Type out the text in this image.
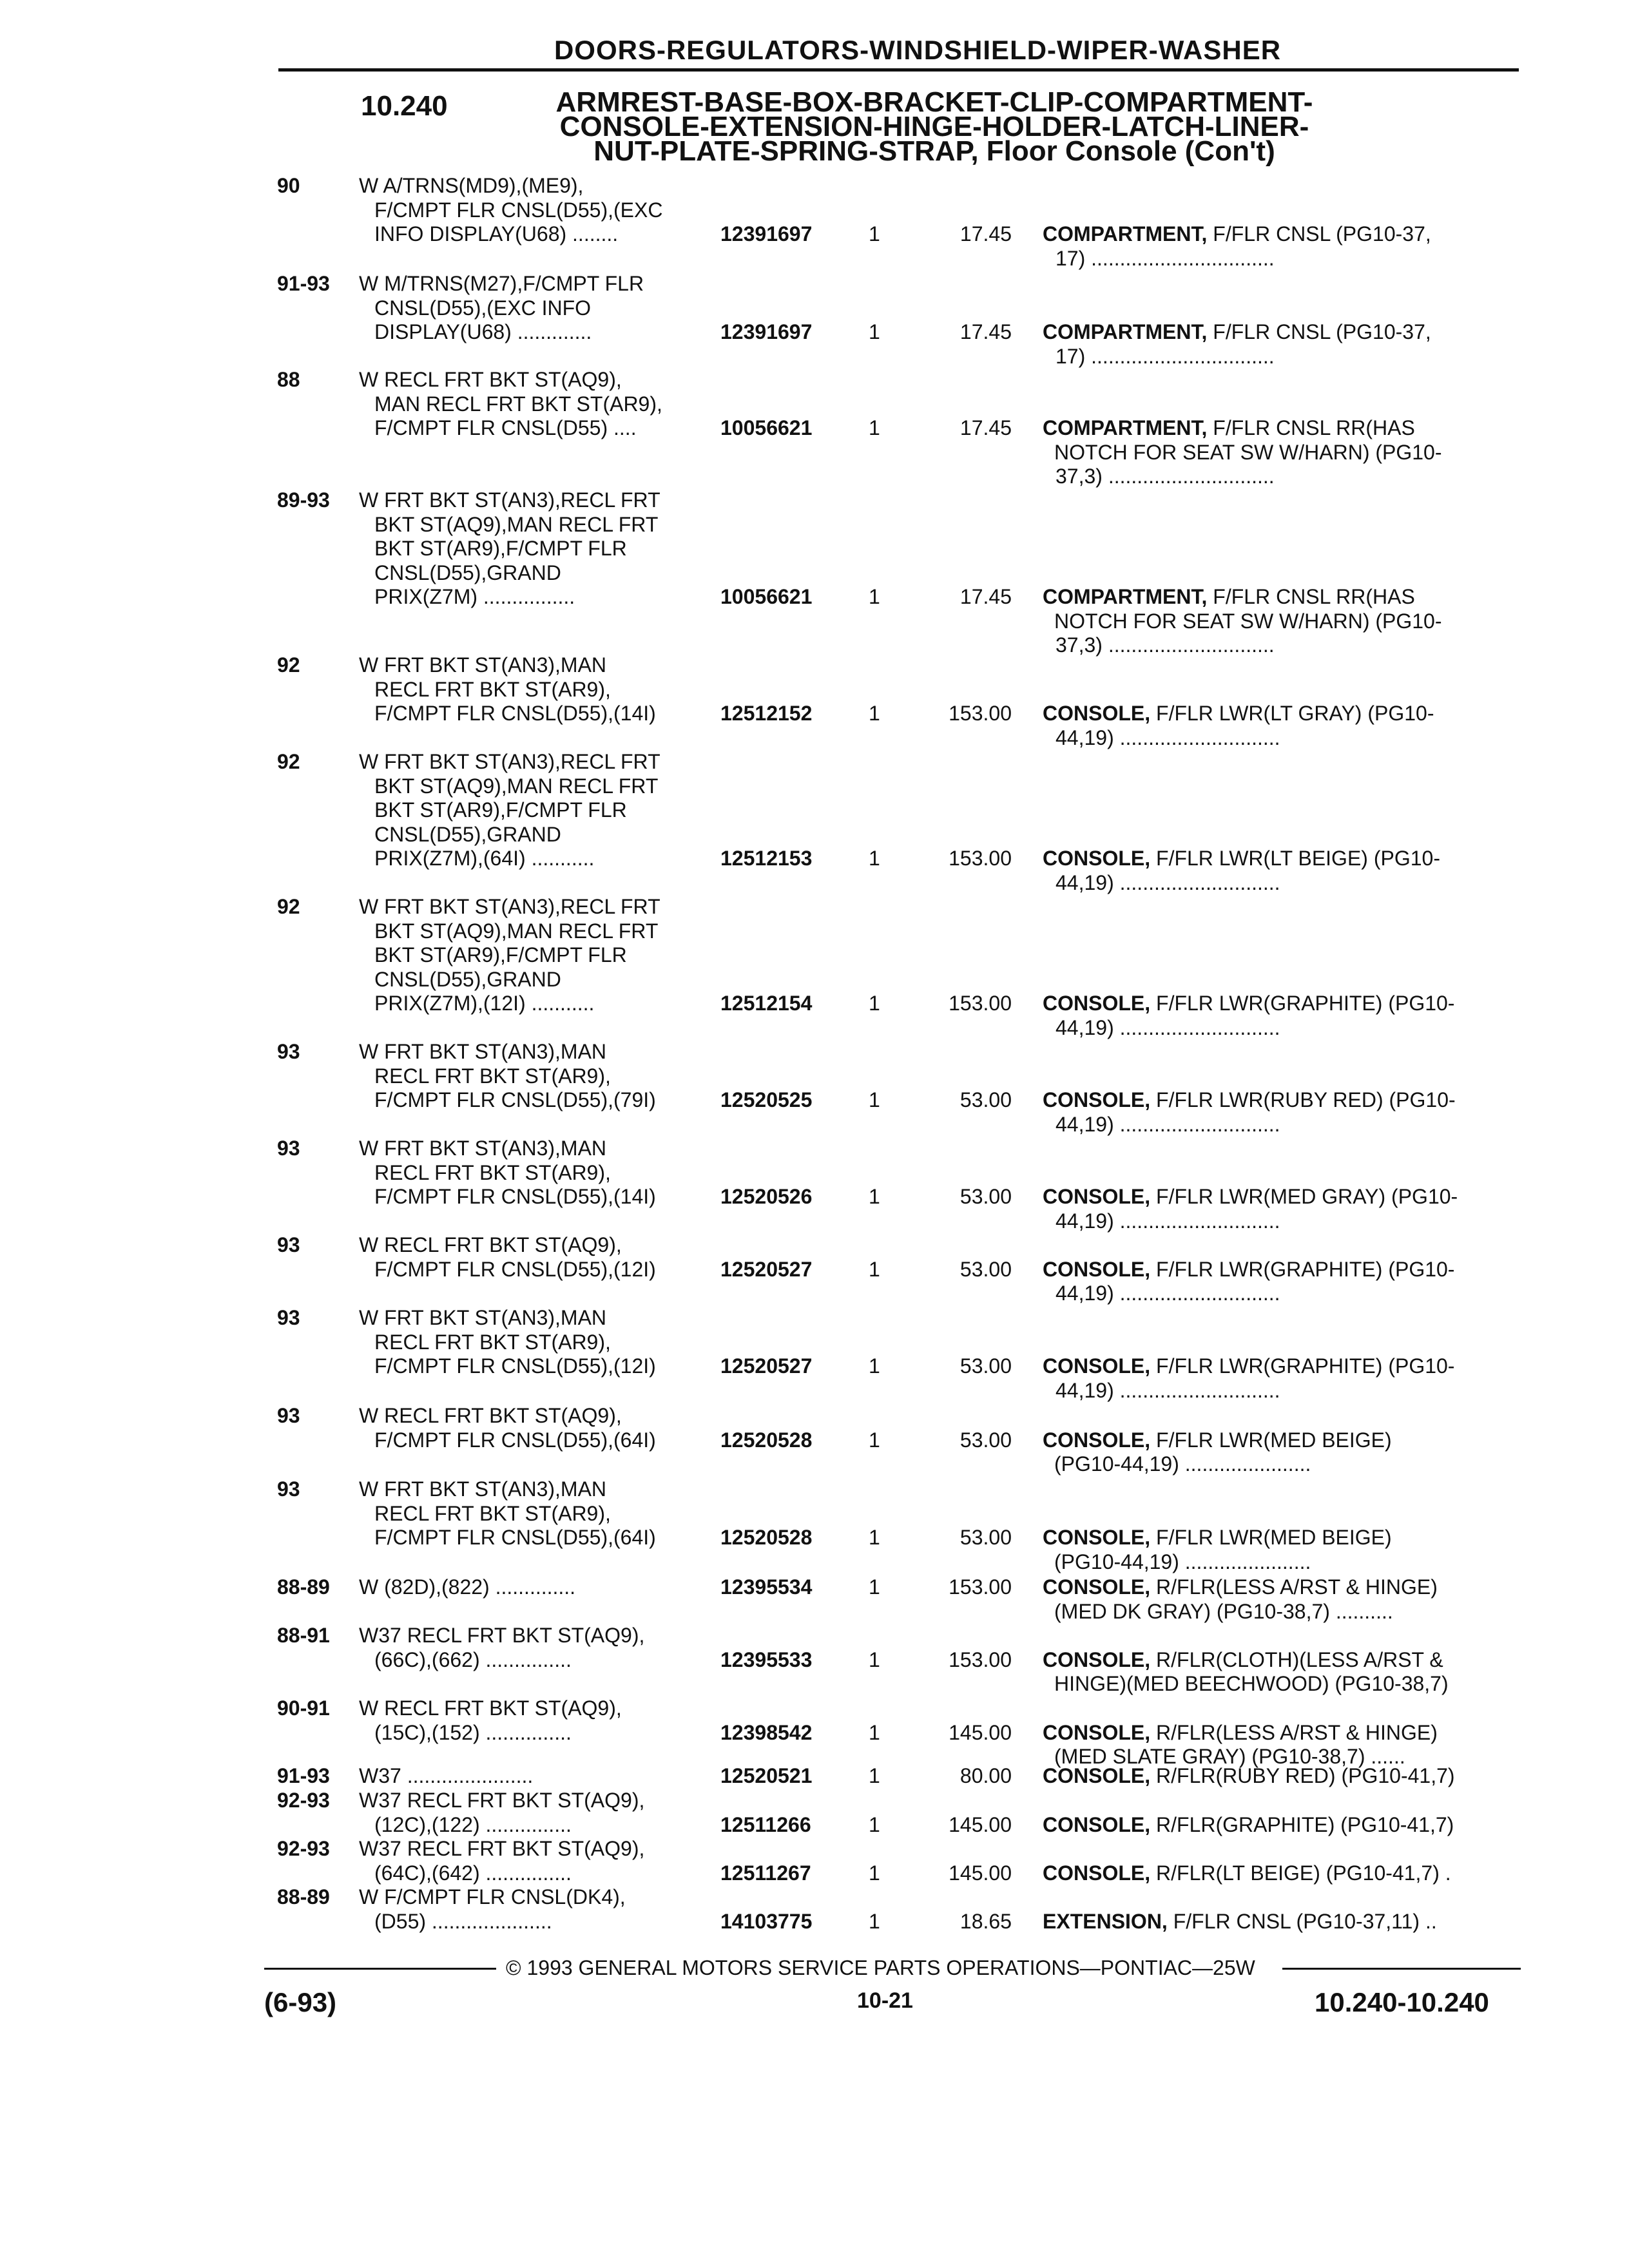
DOORS-REGULATORS-WINDSHIELD-WIPER-WASHER
10.240	ARMREST-BASE-BOX-BRACKET-CLIP-COMPARTMENT-
CONSOLE-EXTENSION-HINGE-HOLDER-LATCH-LINER-
NUT-PLATE-SPRING-STRAP, Floor Console (Con't)
90	W A/TRNS(MD9),(ME9),
F/CMPT FLR CNSL(D55),(EXC
INFO DISPLAY(U68) ........	12391697	1	17.45 COMPARTMENT, F/FLR CNSL (PG10-37,
17) ................................
91-93 W M/TRNS(M27),F/CMPT FLR
CNSL(D55),(EXC INFO
DISPLAY(U68) .............	12391697	1	17.45 COMPARTMENT, F/FLR CNSL (PG10-37,
17) ................................
88	W RECL FRT BKT ST(AQ9),
MAN RECL FRT BKT ST(AR9),
F/CMPT FLR CNSL(D55) ....	10056621	1	17.45 COMPARTMENT, F/FLR CNSL RR(HAS
NOTCH FOR SEAT SW W/HARN) (PG10-
37,3) .............................
89-93 W FRT BKT ST(AN3),RECL FRT
BKT ST(AQ9),MAN RECL FRT
BKT ST(AR9),F/CMPT FLR
CNSL(D55),GRAND
PRIX(Z7M) ................	10056621	1	17.45 COMPARTMENT, F/FLR CNSL RR(HAS
NOTCH FOR SEAT SW W/HARN) (PG10-
37,3) .............................
92	W FRT BKT ST(AN3),MAN
RECL FRT BKT ST(AR9),
F/CMPT FLR CNSL(D55),(14I)	12512152	1	153.00 CONSOLE, F/FLR LWR(LT GRAY) (PG10-
44,19) ............................
92	W FRT BKT ST(AN3),RECL FRT
BKT ST(AQ9),MAN RECL FRT
BKT ST(AR9),F/CMPT FLR
CNSL(D55),GRAND
PRIX(Z7M),(64I) ...........	12512153	1	153.00 CONSOLE, F/FLR LWR(LT BEIGE) (PG10-
44,19) ............................
92	W FRT BKT ST(AN3),RECL FRT
BKT ST(AQ9),MAN RECL FRT
BKT ST(AR9),F/CMPT FLR
CNSL(D55),GRAND
PRIX(Z7M),(12I) ...........	12512154	1	153.00 CONSOLE, F/FLR LWR(GRAPHITE) (PG10-
44,19) ............................
93	W FRT BKT ST(AN3),MAN
RECL FRT BKT ST(AR9),
F/CMPT FLR CNSL(D55),(79I)	12520525	1	53.00 CONSOLE, F/FLR LWR(RUBY RED) (PG10-
44,19) ............................
93	W FRT BKT ST(AN3),MAN
RECL FRT BKT ST(AR9),
F/CMPT FLR CNSL(D55),(14I)	12520526	1	53.00 CONSOLE, F/FLR LWR(MED GRAY) (PG10-
44,19) ............................
93	W RECL FRT BKT ST(AQ9),
F/CMPT FLR CNSL(D55),(12I)	12520527	1	53.00 CONSOLE, F/FLR LWR(GRAPHITE) (PG10-
44,19) ............................
93	W FRT BKT ST(AN3),MAN
RECL FRT BKT ST(AR9),
F/CMPT FLR CNSL(D55),(12I)	12520527	1	53.00 CONSOLE, F/FLR LWR(GRAPHITE) (PG10-
44,19) ............................
93	W RECL FRT BKT ST(AQ9),
F/CMPT FLR CNSL(D55),(64I)	12520528	1	53.00 CONSOLE, F/FLR LWR(MED BEIGE)
(PG10-44,19) ......................
93	W FRT BKT ST(AN3),MAN
RECL FRT BKT ST(AR9),
F/CMPT FLR CNSL(D55),(64I)	12520528	1	53.00 CONSOLE, F/FLR LWR(MED BEIGE)
(PG10-44,19) ......................
88-89 W (82D),(822) ..............	12395534	1	153.00 CONSOLE, R/FLR(LESS A/RST & HINGE)
(MED DK GRAY) (PG10-38,7) ..........
88-91 W37 RECL FRT BKT ST(AQ9),
(66C),(662) ...............	12395533	1	153.00 CONSOLE, R/FLR(CLOTH)(LESS A/RST &
HINGE)(MED BEECHWOOD) (PG10-38,7)
90-91 W RECL FRT BKT ST(AQ9),
(15C),(152) ...............	12398542	1	145.00 CONSOLE, R/FLR(LESS A/RST & HINGE)
(MED SLATE GRAY) (PG10-38,7) ......
91-93 W37 ......................	12520521	1	80.00 CONSOLE, R/FLR(RUBY RED) (PG10-41,7)
92-93 W37 RECL FRT BKT ST(AQ9),
(12C),(122) ...............	12511266	1	145.00 CONSOLE, R/FLR(GRAPHITE) (PG10-41,7)
92-93 W37 RECL FRT BKT ST(AQ9),
(64C),(642) ...............	12511267	1	145.00 CONSOLE, R/FLR(LT BEIGE) (PG10-41,7) .
88-89 W F/CMPT FLR CNSL(DK4),
(D55) .....................	14103775	1	18.65 EXTENSION, F/FLR CNSL (PG10-37,11) ..
© 1993 GENERAL MOTORS SERVICE PARTS OPERATIONS—PONTIAC—25W
(6-93)	10-21	10.240-10.240
